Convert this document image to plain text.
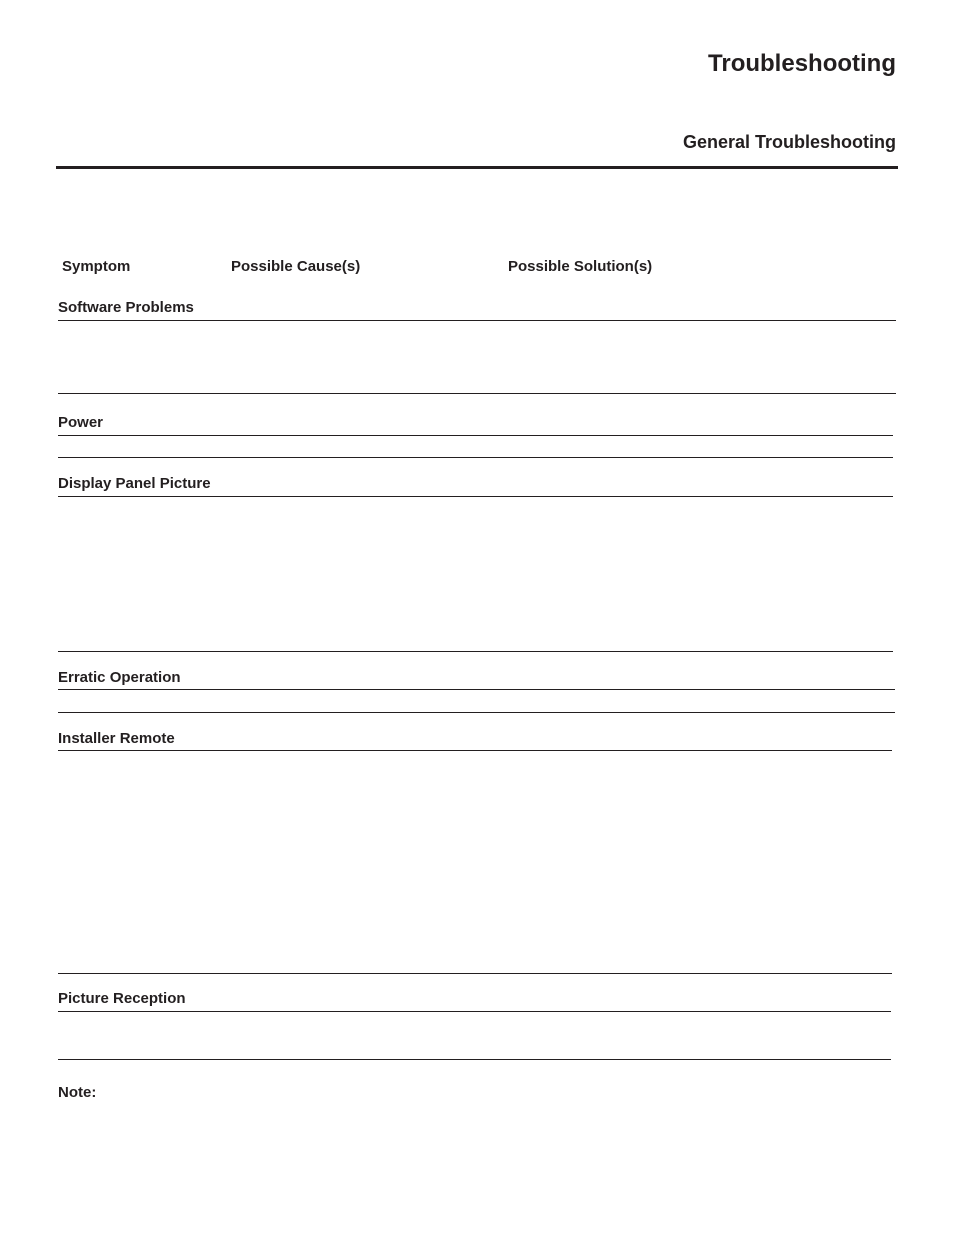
Troubleshooting
General Troubleshooting
Symptom	Possible Cause(s)	Possible Solution(s)
Software Problems
Power
Display Panel Picture
Erratic Operation
Installer Remote
Picture Reception
Note:
